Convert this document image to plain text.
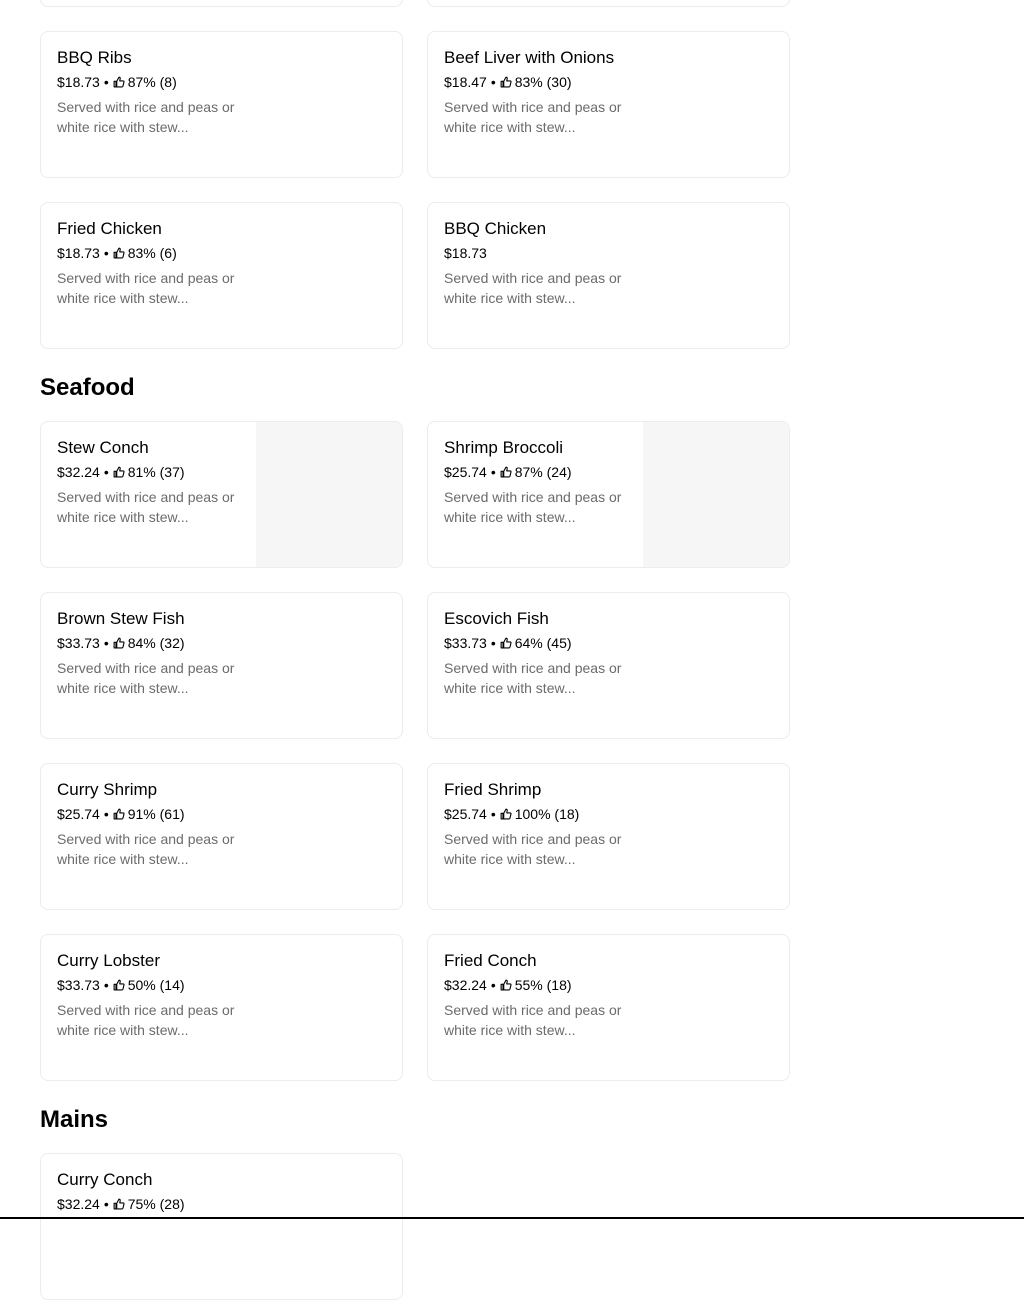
BBQ Ribs
$18.73 • 87% (8)
Served with rice and peas or white rice with stew...
Beef Liver with Onions
$18.47 • 83% (30)
Served with rice and peas or white rice with stew...
Fried Chicken
$18.73 • 83% (6)
Served with rice and peas or white rice with stew...
BBQ Chicken
$18.73
Served with rice and peas or white rice with stew...
Seafood
Stew Conch
$32.24 • 81% (37)
Served with rice and peas or white rice with stew...
Shrimp Broccoli
$25.74 • 87% (24)
Served with rice and peas or white rice with stew...
Brown Stew Fish
$33.73 • 84% (32)
Served with rice and peas or white rice with stew...
Escovich Fish
$33.73 • 64% (45)
Served with rice and peas or white rice with stew...
Curry Shrimp
$25.74 • 91% (61)
Served with rice and peas or white rice with stew...
Fried Shrimp
$25.74 • 100% (18)
Served with rice and peas or white rice with stew...
Curry Lobster
$33.73 • 50% (14)
Served with rice and peas or white rice with stew...
Fried Conch
$32.24 • 55% (18)
Served with rice and peas or white rice with stew...
Mains
Curry Conch
$32.24 • 75% (28)
